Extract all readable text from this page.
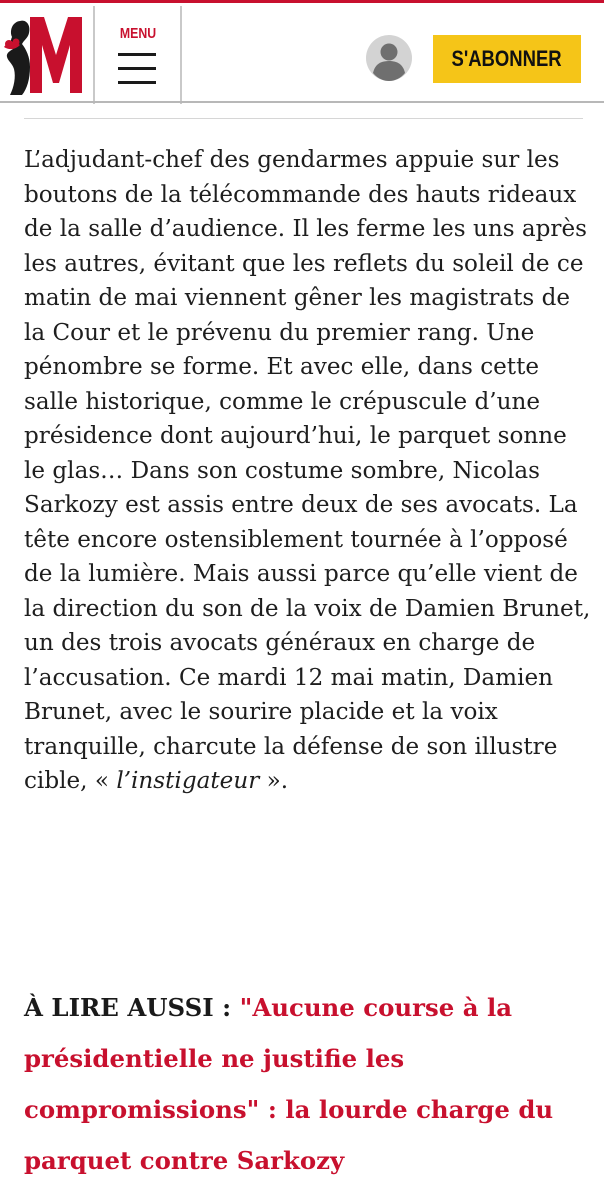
MENU
S'ABONNER

L’adjudant-chef des gendarmes appuie sur les boutons de la télécommande des hauts rideaux de la salle d’audience. Il les ferme les uns après les autres, évitant que les reflets du soleil de ce matin de mai viennent gêner les magistrats de la Cour et le prévenu du premier rang. Une pénombre se forme. Et avec elle, dans cette salle historique, comme le crépuscule d’une présidence dont aujourd’hui, le parquet sonne le glas… Dans son costume sombre, Nicolas Sarkozy est assis entre deux de ses avocats. La tête encore ostensiblement tournée à l’opposé de la lumière. Mais aussi parce qu’elle vient de la direction du son de la voix de Damien Brunet, un des trois avocats généraux en charge de l’accusation. Ce mardi 12 mai matin, Damien Brunet, avec le sourire placide et la voix tranquille, charcute la défense de son illustre cible, « l’instigateur ».

À LIRE AUSSI : "Aucune course à la présidentielle ne justifie les compromissions" : la lourde charge du parquet contre Sarkozy
